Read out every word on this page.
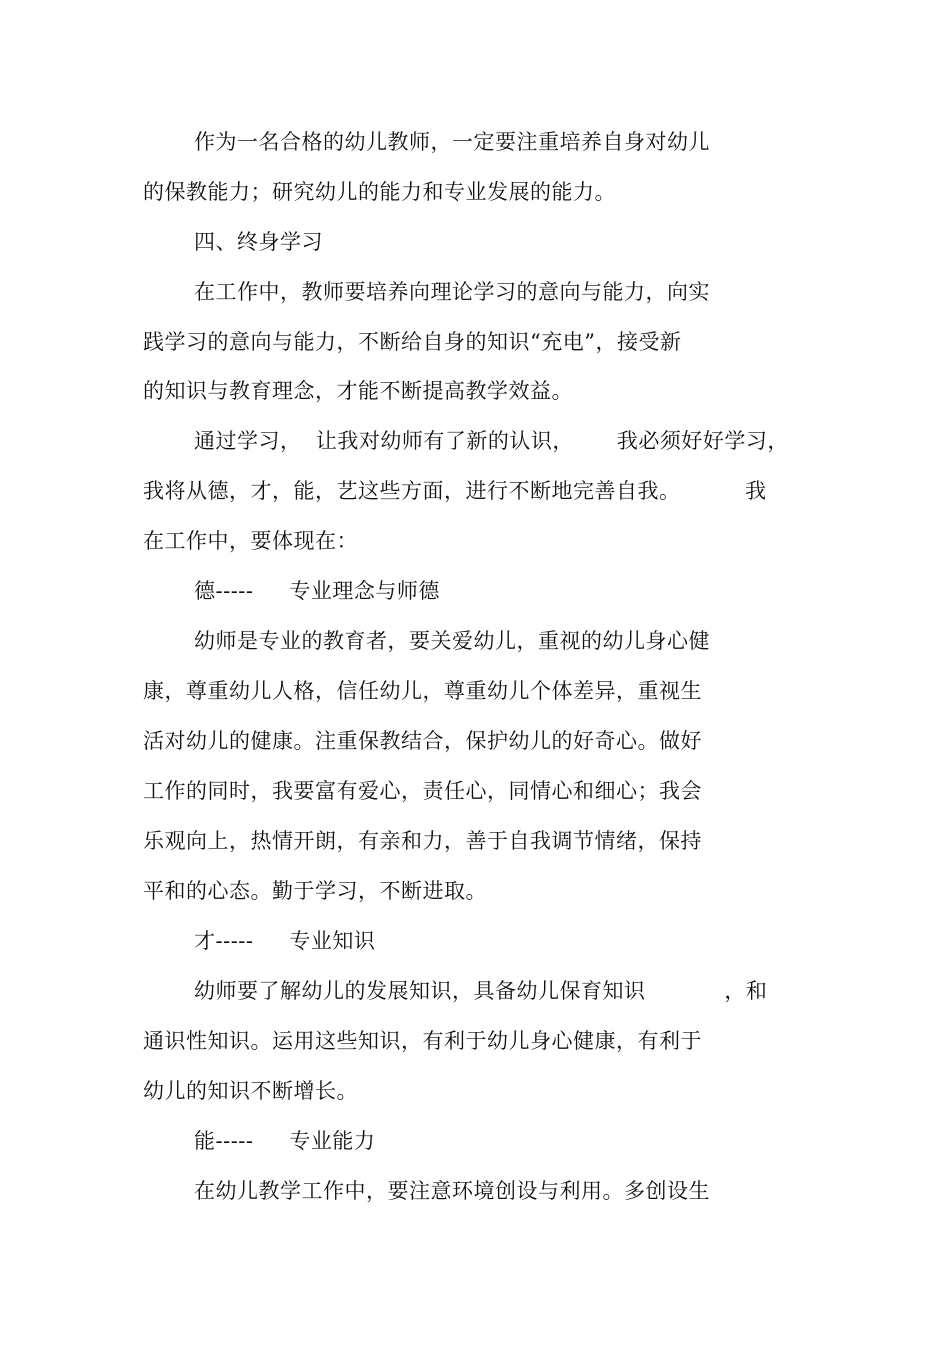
作为一名合格的幼儿教师，一定要注重培养自身对幼儿
的保教能力；研究幼儿的能力和专业发展的能力。
四、终身学习
在工作中，教师要培养向理论学习的意向与能力，向实
践学习的意向与能力，不断给自身的知识“充电”，接受新
的知识与教育理念，才能不断提高教学效益。
通过学习，  让我对幼师有了新的认识，      我必须好好学习，
我将从德，才，能，艺这些方面，进行不断地完善自我。         我
在工作中，要体现在：
德-----     专业理念与师德
幼师是专业的教育者，要关爱幼儿，重视的幼儿身心健
康，尊重幼儿人格，信任幼儿，尊重幼儿个体差异，重视生
活对幼儿的健康。注重保教结合，保护幼儿的好奇心。做好
工作的同时，我要富有爱心，责任心，同情心和细心；我会
乐观向上，热情开朗，有亲和力，善于自我调节情绪，保持
平和的心态。勤于学习，不断进取。
才-----     专业知识
幼师要了解幼儿的发展知识，具备幼儿保育知识           ，和
通识性知识。运用这些知识，有利于幼儿身心健康，有利于
幼儿的知识不断增长。
能-----     专业能力
在幼儿教学工作中，要注意环境创设与利用。多创设生
